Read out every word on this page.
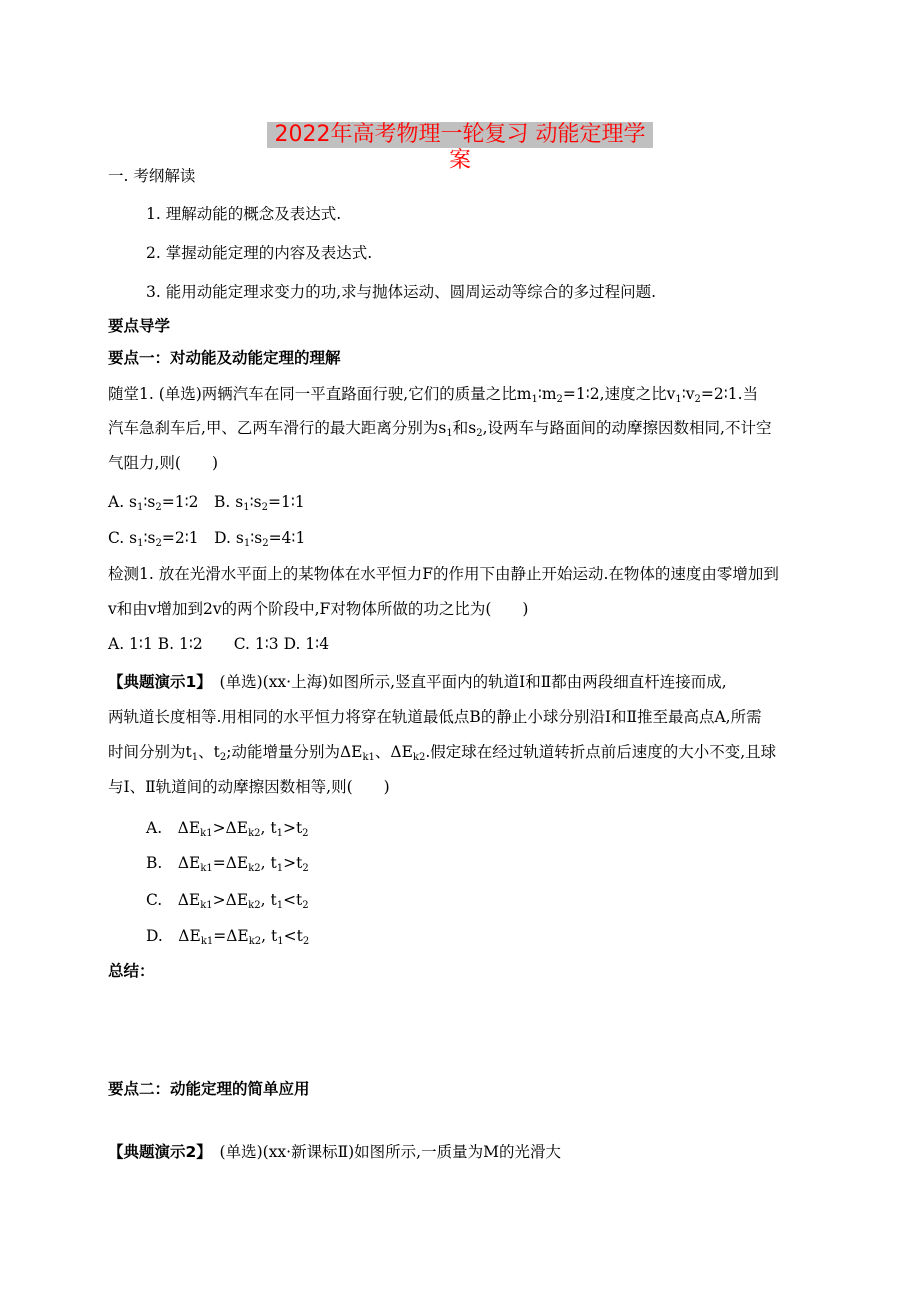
2022年高考物理一轮复习 动能定理学案
一. 考纲解读
1. 理解动能的概念及表达式.
2. 掌握动能定理的内容及表达式.
3. 能用动能定理求变力的功,求与抛体运动、圆周运动等综合的多过程问题.
要点导学
要点一：对动能及动能定理的理解
随堂1. (单选)两辆汽车在同一平直路面行驶,它们的质量之比$m_1∶m_2=1∶2$,速度之比$v_1∶v_2=2∶1$.当
汽车急刹车后,甲、乙两车滑行的最大距离分别为$s_1$和$s_2$,设两车与路面间的动摩擦因数相同,不计空
气阻力,则(　　)
A. $s_1∶s_2=1∶2$　B. $s_1∶s_2=1∶1$
C. $s_1∶s_2=2∶1$　D. $s_1∶s_2=4∶1$
检测1. 放在光滑水平面上的某物体在水平恒力F的作用下由静止开始运动.在物体的速度由零增加到
v和由v增加到2v的两个阶段中,F对物体所做的功之比为(　　)
A. 1∶1 B. 1∶2　　C. 1∶3 D. 1∶4
【典题演示1】　(单选)(xx·上海)如图所示,竖直平面内的轨道Ⅰ和Ⅱ都由两段细直杆连接而成,
两轨道长度相等.用相同的水平恒力将穿在轨道最低点B的静止小球分别沿Ⅰ和Ⅱ推至最高点A,所需
时间分别为$t_1$、$t_2$;动能增量分别为$\Delta E_{k1}$、$\Delta E_{k2}$.假定球在经过轨道转折点前后速度的大小不变,且球
与Ⅰ、Ⅱ轨道间的动摩擦因数相等,则(　　)
A.　$\Delta E_{k1}>\Delta E_{k2}$, $t_1>t_2$
B.　$\Delta E_{k1}=\Delta E_{k2}$, $t_1>t_2$
C.　$\Delta E_{k1}>\Delta E_{k2}$, $t_1<t_2$
D.　$\Delta E_{k1}=\Delta E_{k2}$, $t_1<t_2$
总结：
要点二：动能定理的简单应用
【典题演示2】　(单选)(xx·新课标Ⅱ)如图所示,一质量为M的光滑大
